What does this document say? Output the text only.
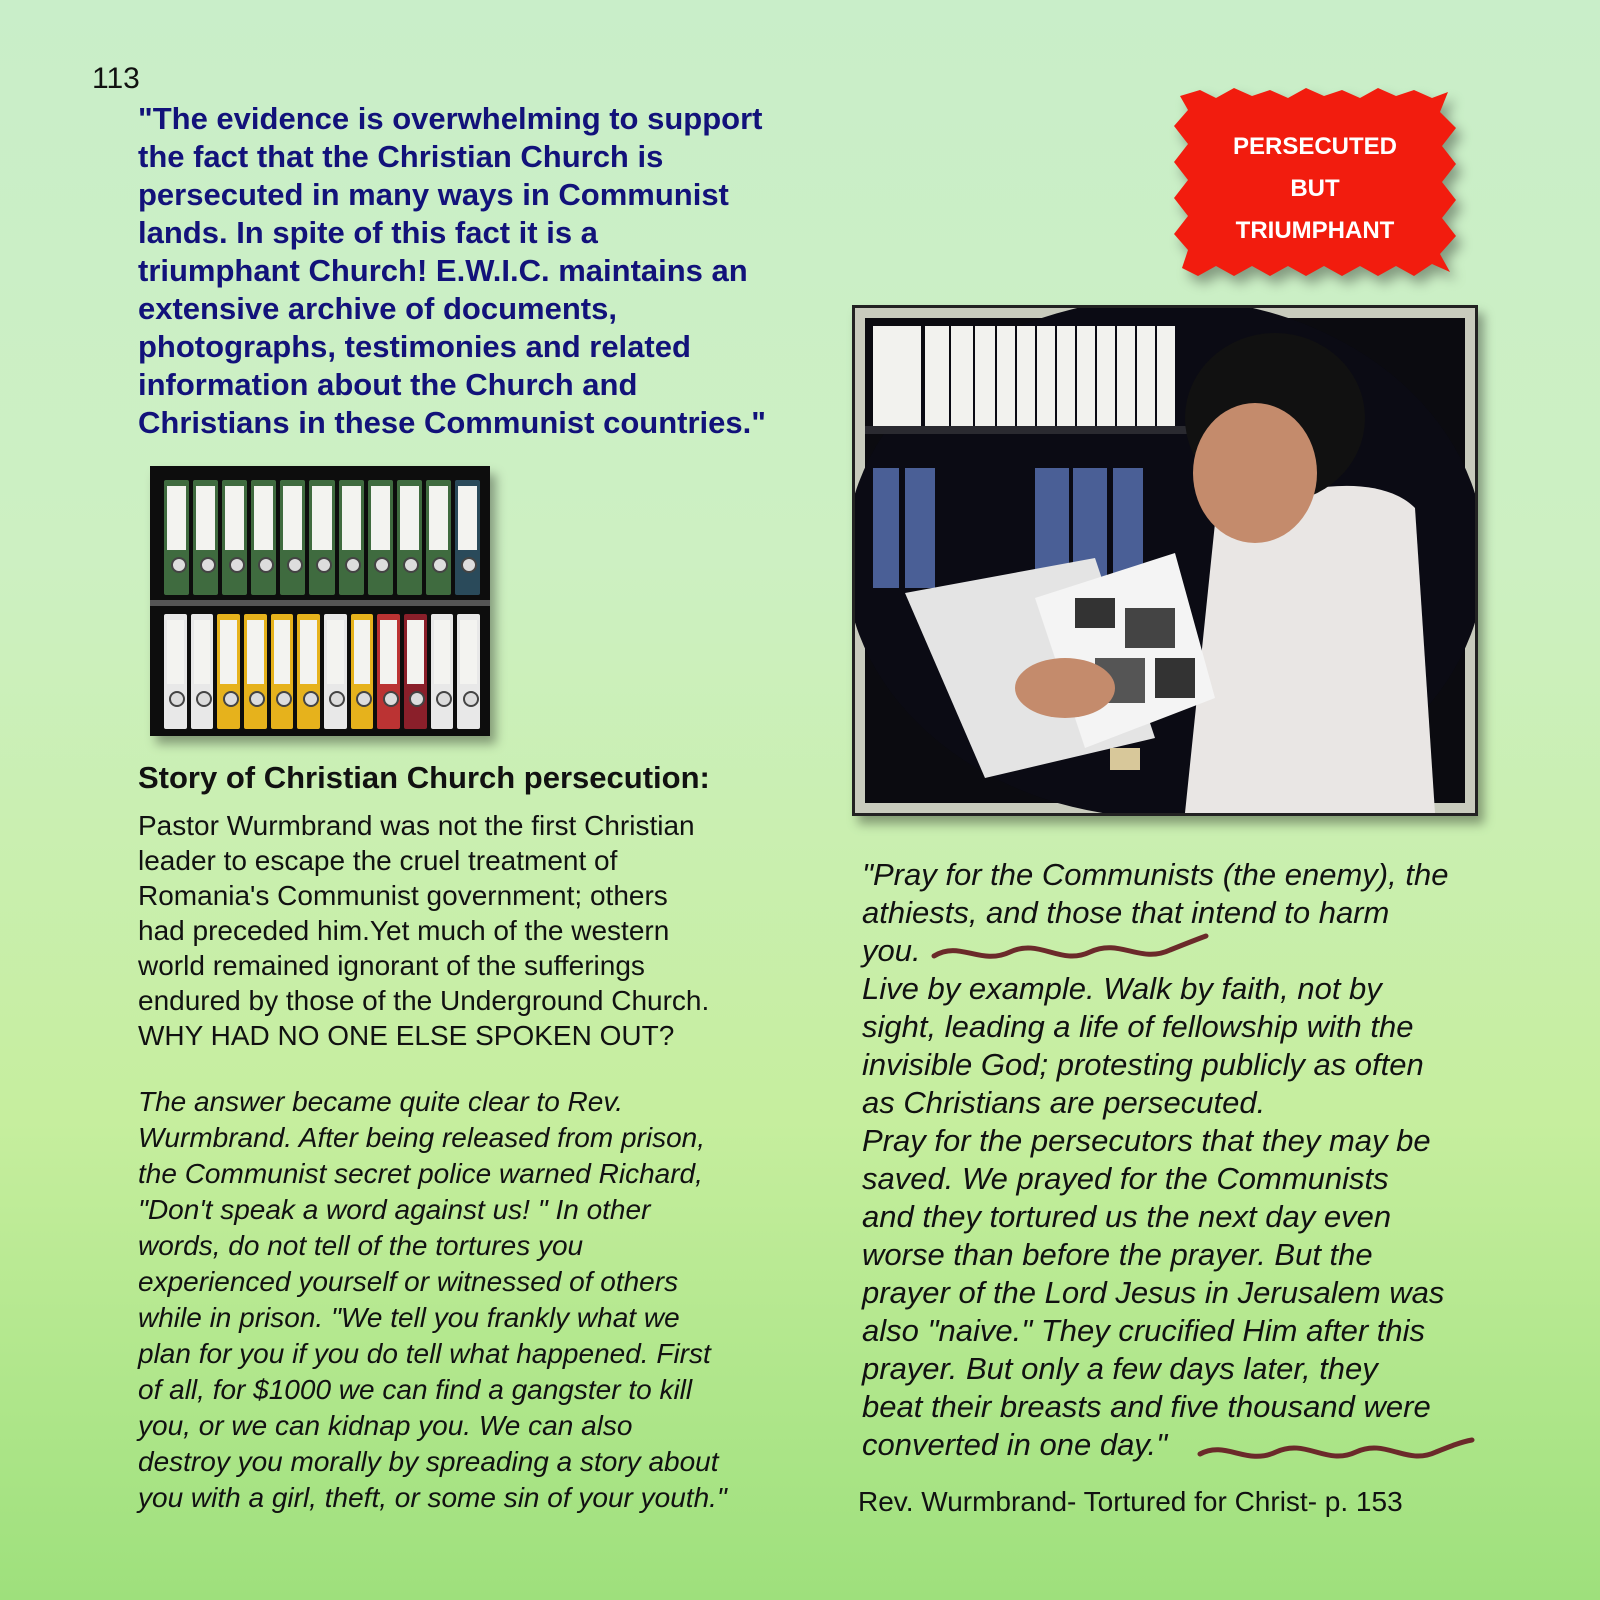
113
"The evidence is overwhelming to support
the fact that the Christian Church is
persecuted in many ways in Communist
lands. In spite of this fact it is a
triumphant Church! E.W.I.C. maintains an
extensive archive of documents,
photographs, testimonies and related
information about the Church and
Christians in these Communist countries."
Story of Christian Church persecution:
Pastor Wurmbrand was not the first Christian
leader to escape the cruel treatment of
Romania's Communist government; others
had preceded him.Yet much of the western
world remained ignorant of the sufferings
endured by those of the Underground Church.
WHY HAD NO ONE ELSE SPOKEN OUT?
The answer became quite clear to Rev.
Wurmbrand. After being released from prison,
the Communist secret police warned Richard,
"Don't speak a word against us! " In other
words, do not tell of the tortures you
experienced yourself or witnessed of others
while in prison. "We tell you frankly what we
plan for you if you do tell what happened. First
of all, for $1000 we can find a gangster to kill
you, or we can kidnap you. We can also
destroy you morally by spreading a story about
you with a girl, theft, or some sin of your youth."
PERSECUTED
BUT
TRIUMPHANT
"Pray for the Communists (the enemy), the
athiests, and those that intend to harm
you.
Live by example. Walk by faith, not by
sight, leading a life of fellowship with the
invisible God; protesting publicly as often
as Christians are persecuted.
Pray for the persecutors that they may be
saved. We prayed for the Communists
and they tortured us the next day even
worse than before the prayer. But the
prayer of the Lord Jesus in Jerusalem was
also "naive." They crucified Him after this
prayer. But only a few days later, they
beat their breasts and five thousand were
converted in one day."
Rev. Wurmbrand- Tortured for Christ- p. 153
